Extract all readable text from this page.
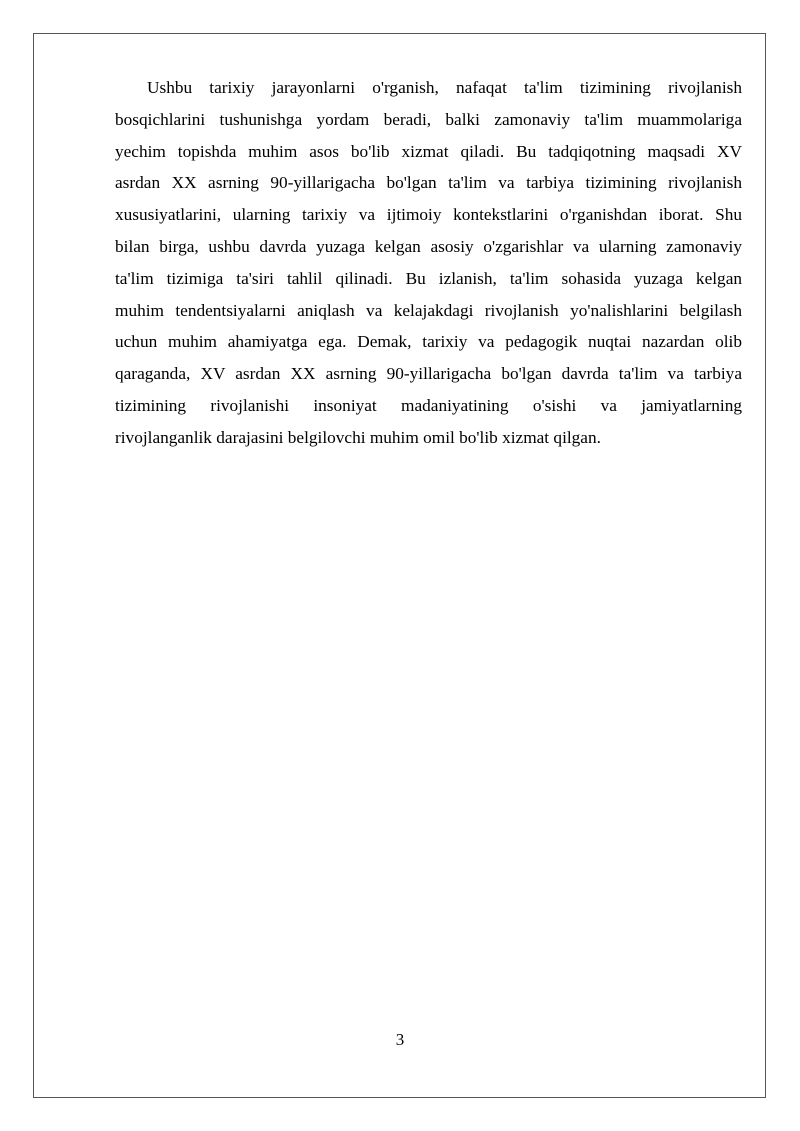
Ushbu tarixiy jarayonlarni o'rganish, nafaqat ta'lim tizimining rivojlanish
bosqichlarini tushunishga yordam beradi, balki zamonaviy ta'lim muammolariga
yechim topishda muhim asos bo'lib xizmat qiladi. Bu tadqiqotning maqsadi XV
asrdan XX asrning 90-yillarigacha bo'lgan ta'lim va tarbiya tizimining rivojlanish
xususiyatlarini, ularning tarixiy va ijtimoiy kontekstlarini o'rganishdan iborat. Shu
bilan birga, ushbu davrda yuzaga kelgan asosiy o'zgarishlar va ularning zamonaviy
ta'lim tizimiga ta'siri tahlil qilinadi. Bu izlanish, ta'lim sohasida yuzaga kelgan
muhim tendentsiyalarni aniqlash va kelajakdagi rivojlanish yo'nalishlarini belgilash
uchun muhim ahamiyatga ega. Demak, tarixiy va pedagogik nuqtai nazardan olib
qaraganda, XV asrdan XX asrning 90-yillarigacha bo'lgan davrda ta'lim va tarbiya
tizimining rivojlanishi insoniyat madaniyatining o'sishi va jamiyatlarning
rivojlanganlik darajasini belgilovchi muhim omil bo'lib xizmat qilgan.
3
